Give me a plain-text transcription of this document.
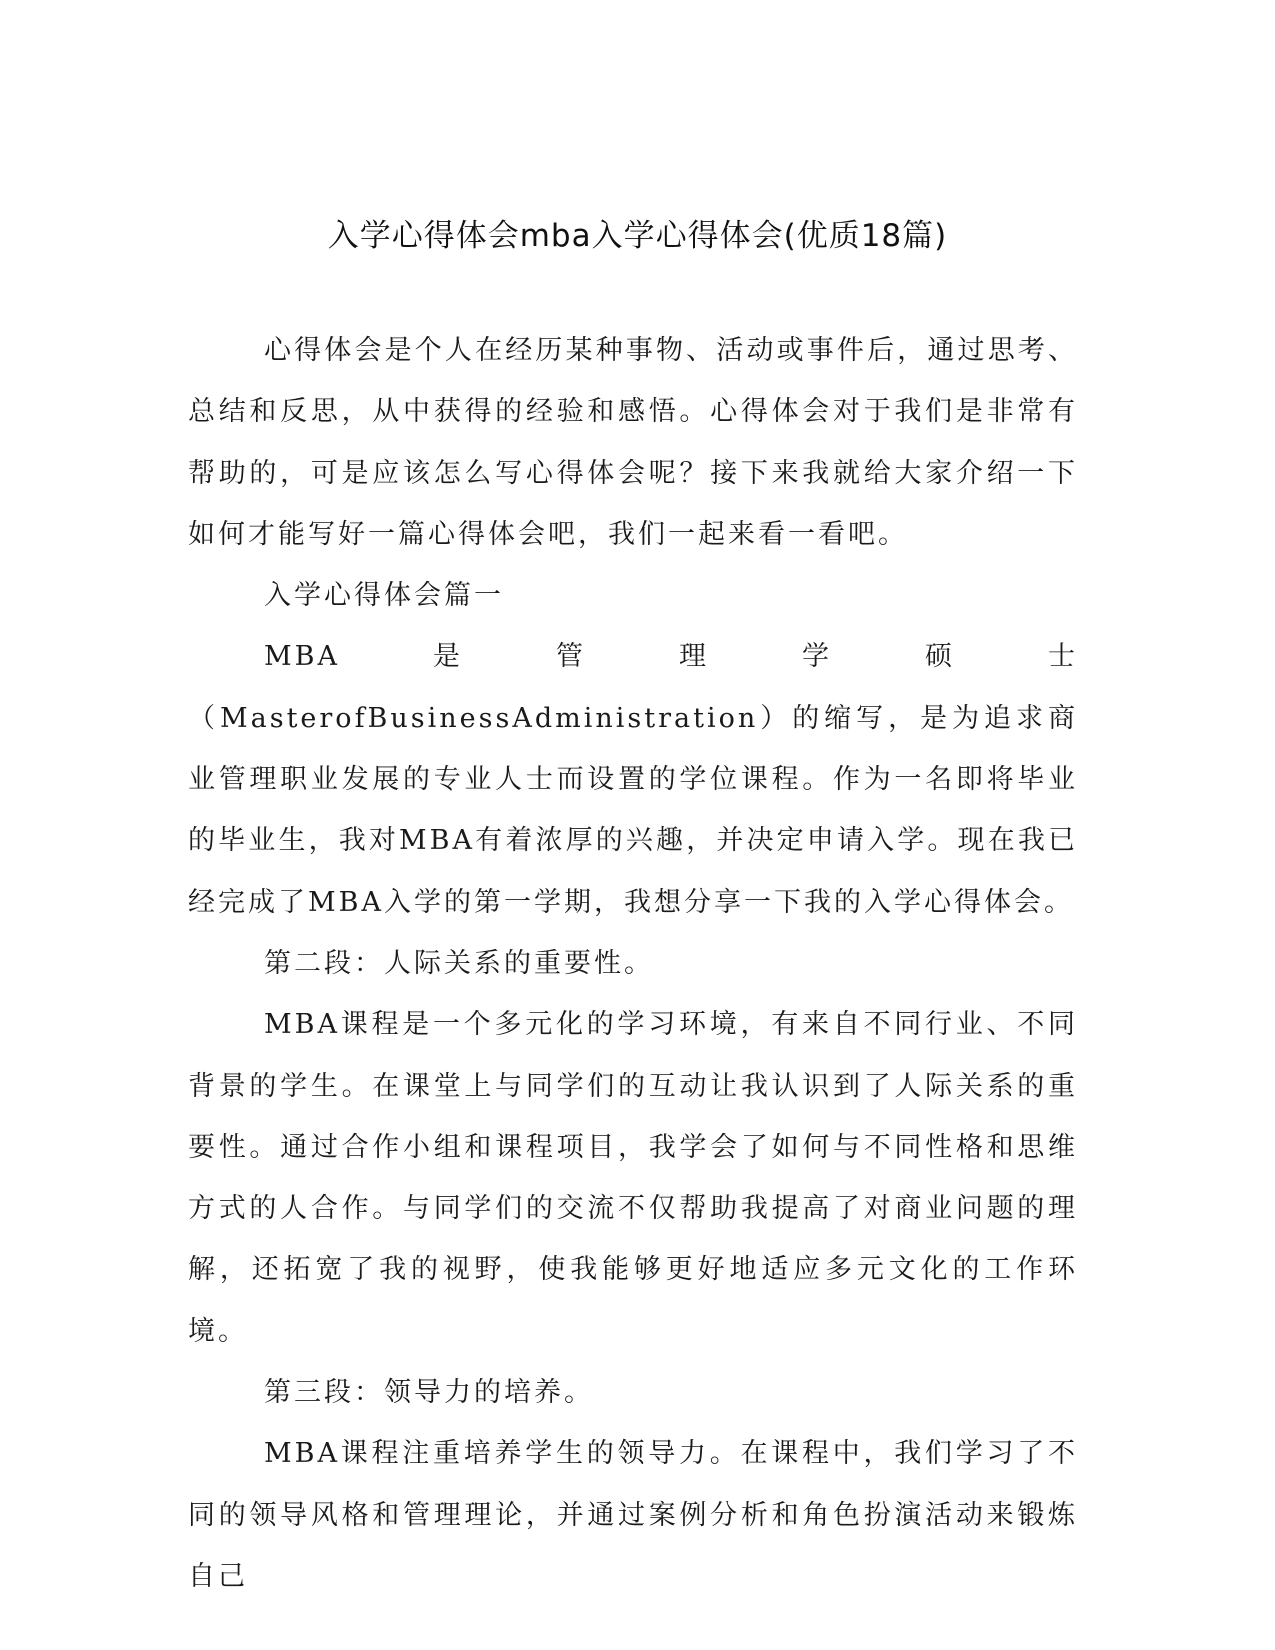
入学心得体会mba入学心得体会(优质18篇)

心得体会是个人在经历某种事物、活动或事件后，通过思考、总结和反思，从中获得的经验和感悟。心得体会对于我们是非常有帮助的，可是应该怎么写心得体会呢？接下来我就给大家介绍一下如何才能写好一篇心得体会吧，我们一起来看一看吧。

入学心得体会篇一

MBA是管理学硕士（MasterofBusinessAdministration）的缩写，是为追求商业管理职业发展的专业人士而设置的学位课程。作为一名即将毕业的毕业生，我对MBA有着浓厚的兴趣，并决定申请入学。现在我已经完成了MBA入学的第一学期，我想分享一下我的入学心得体会。

第二段：人际关系的重要性。

MBA课程是一个多元化的学习环境，有来自不同行业、不同背景的学生。在课堂上与同学们的互动让我认识到了人际关系的重要性。通过合作小组和课程项目，我学会了如何与不同性格和思维方式的人合作。与同学们的交流不仅帮助我提高了对商业问题的理解，还拓宽了我的视野，使我能够更好地适应多元文化的工作环境。

第三段：领导力的培养。

MBA课程注重培养学生的领导力。在课程中，我们学习了不同的领导风格和管理理论，并通过案例分析和角色扮演活动来锻炼自己
